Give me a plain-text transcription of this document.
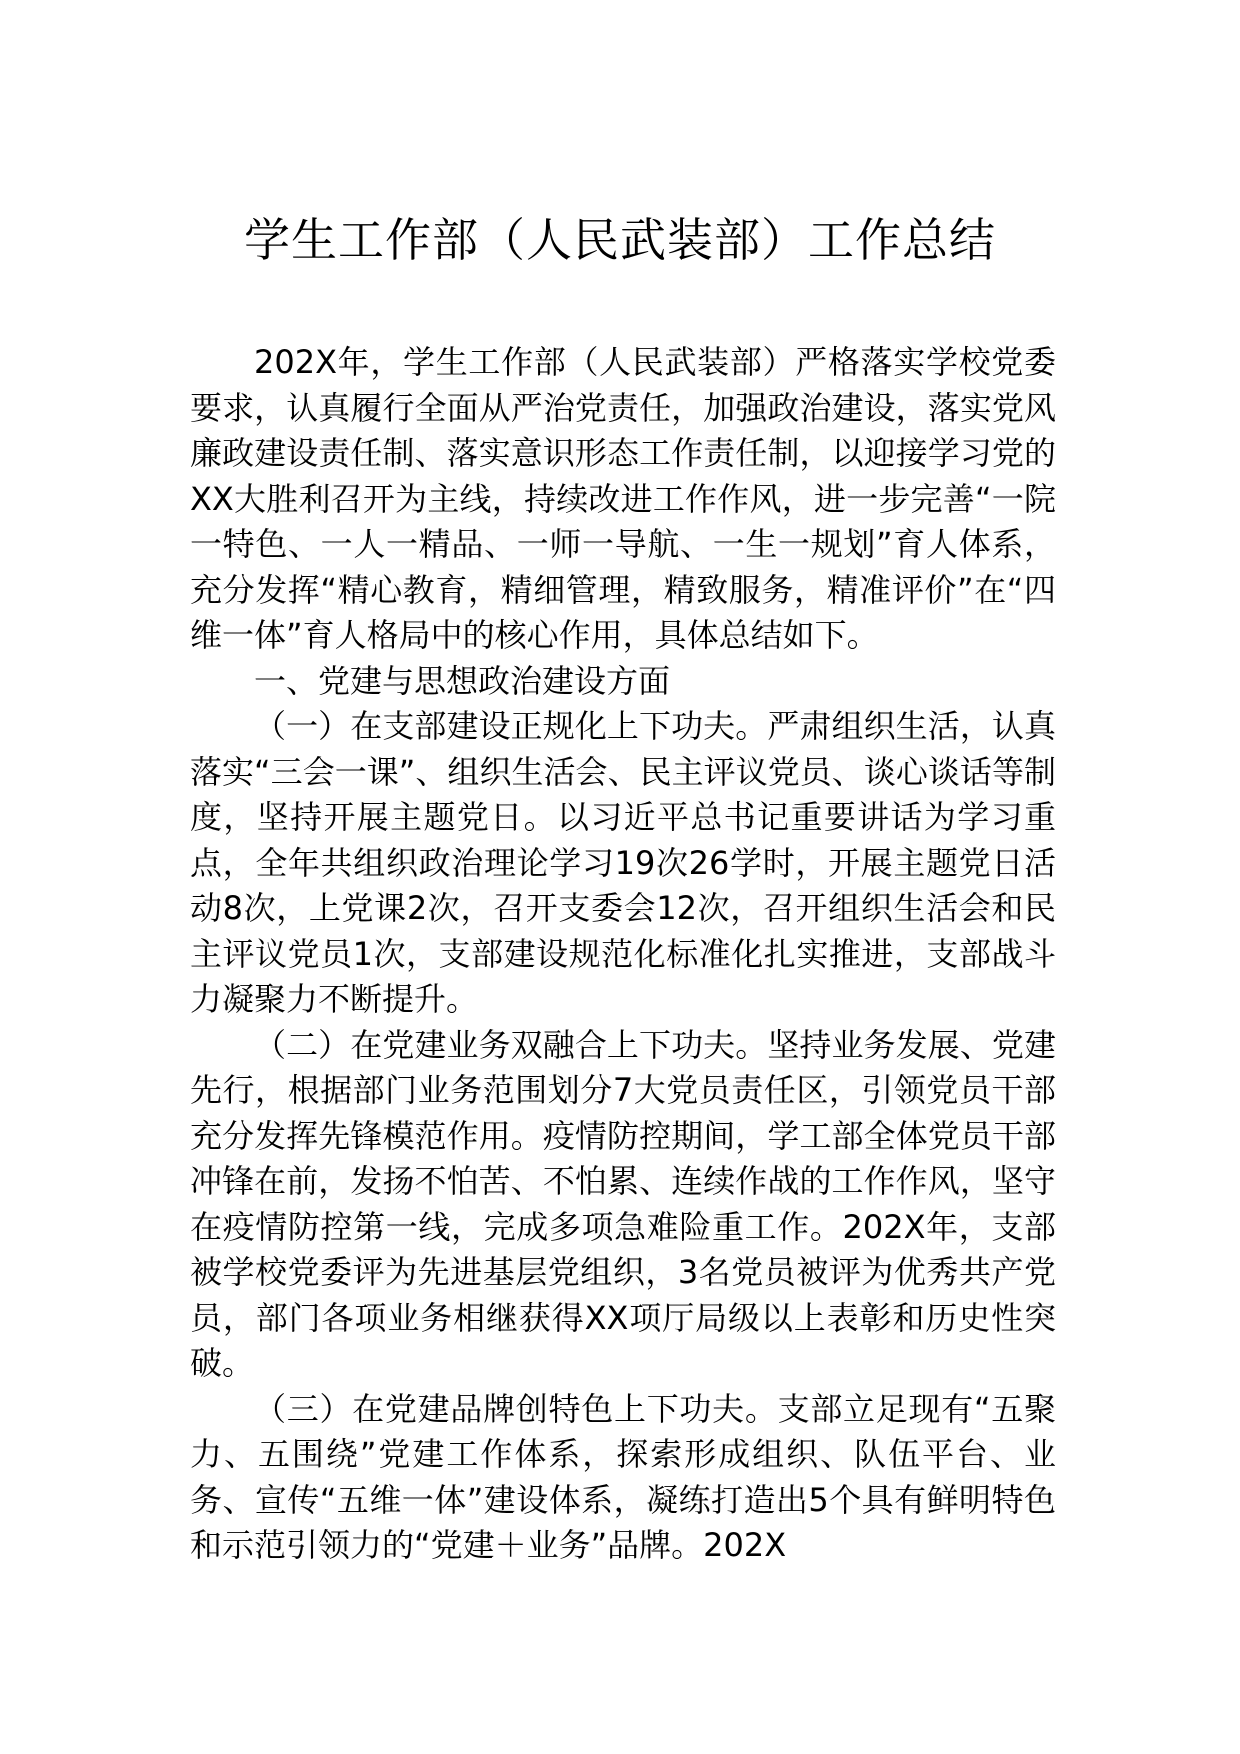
学生工作部（人民武装部）工作总结

202X年，学生工作部（人民武装部）严格落实学校党委要求，认真履行全面从严治党责任，加强政治建设，落实党风廉政建设责任制、落实意识形态工作责任制，以迎接学习党的XX大胜利召开为主线，持续改进工作作风，进一步完善“一院一特色、一人一精品、一师一导航、一生一规划”育人体系，充分发挥“精心教育，精细管理，精致服务，精准评价”在“四维一体”育人格局中的核心作用，具体总结如下。

一、党建与思想政治建设方面

（一）在支部建设正规化上下功夫。严肃组织生活，认真落实“三会一课”、组织生活会、民主评议党员、谈心谈话等制度，坚持开展主题党日。以习近平总书记重要讲话为学习重点，全年共组织政治理论学习19次26学时，开展主题党日活动8次，上党课2次，召开支委会12次，召开组织生活会和民主评议党员1次，支部建设规范化标准化扎实推进，支部战斗力凝聚力不断提升。

（二）在党建业务双融合上下功夫。坚持业务发展、党建先行，根据部门业务范围划分7大党员责任区，引领党员干部充分发挥先锋模范作用。疫情防控期间，学工部全体党员干部冲锋在前，发扬不怕苦、不怕累、连续作战的工作作风，坚守在疫情防控第一线，完成多项急难险重工作。202X年，支部被学校党委评为先进基层党组织，3名党员被评为优秀共产党员，部门各项业务相继获得XX项厅局级以上表彰和历史性突破。

（三）在党建品牌创特色上下功夫。支部立足现有“五聚力、五围绕”党建工作体系，探索形成组织、队伍平台、业务、宣传“五维一体”建设体系，凝练打造出5个具有鲜明特色和示范引领力的“党建＋业务”品牌。202X
